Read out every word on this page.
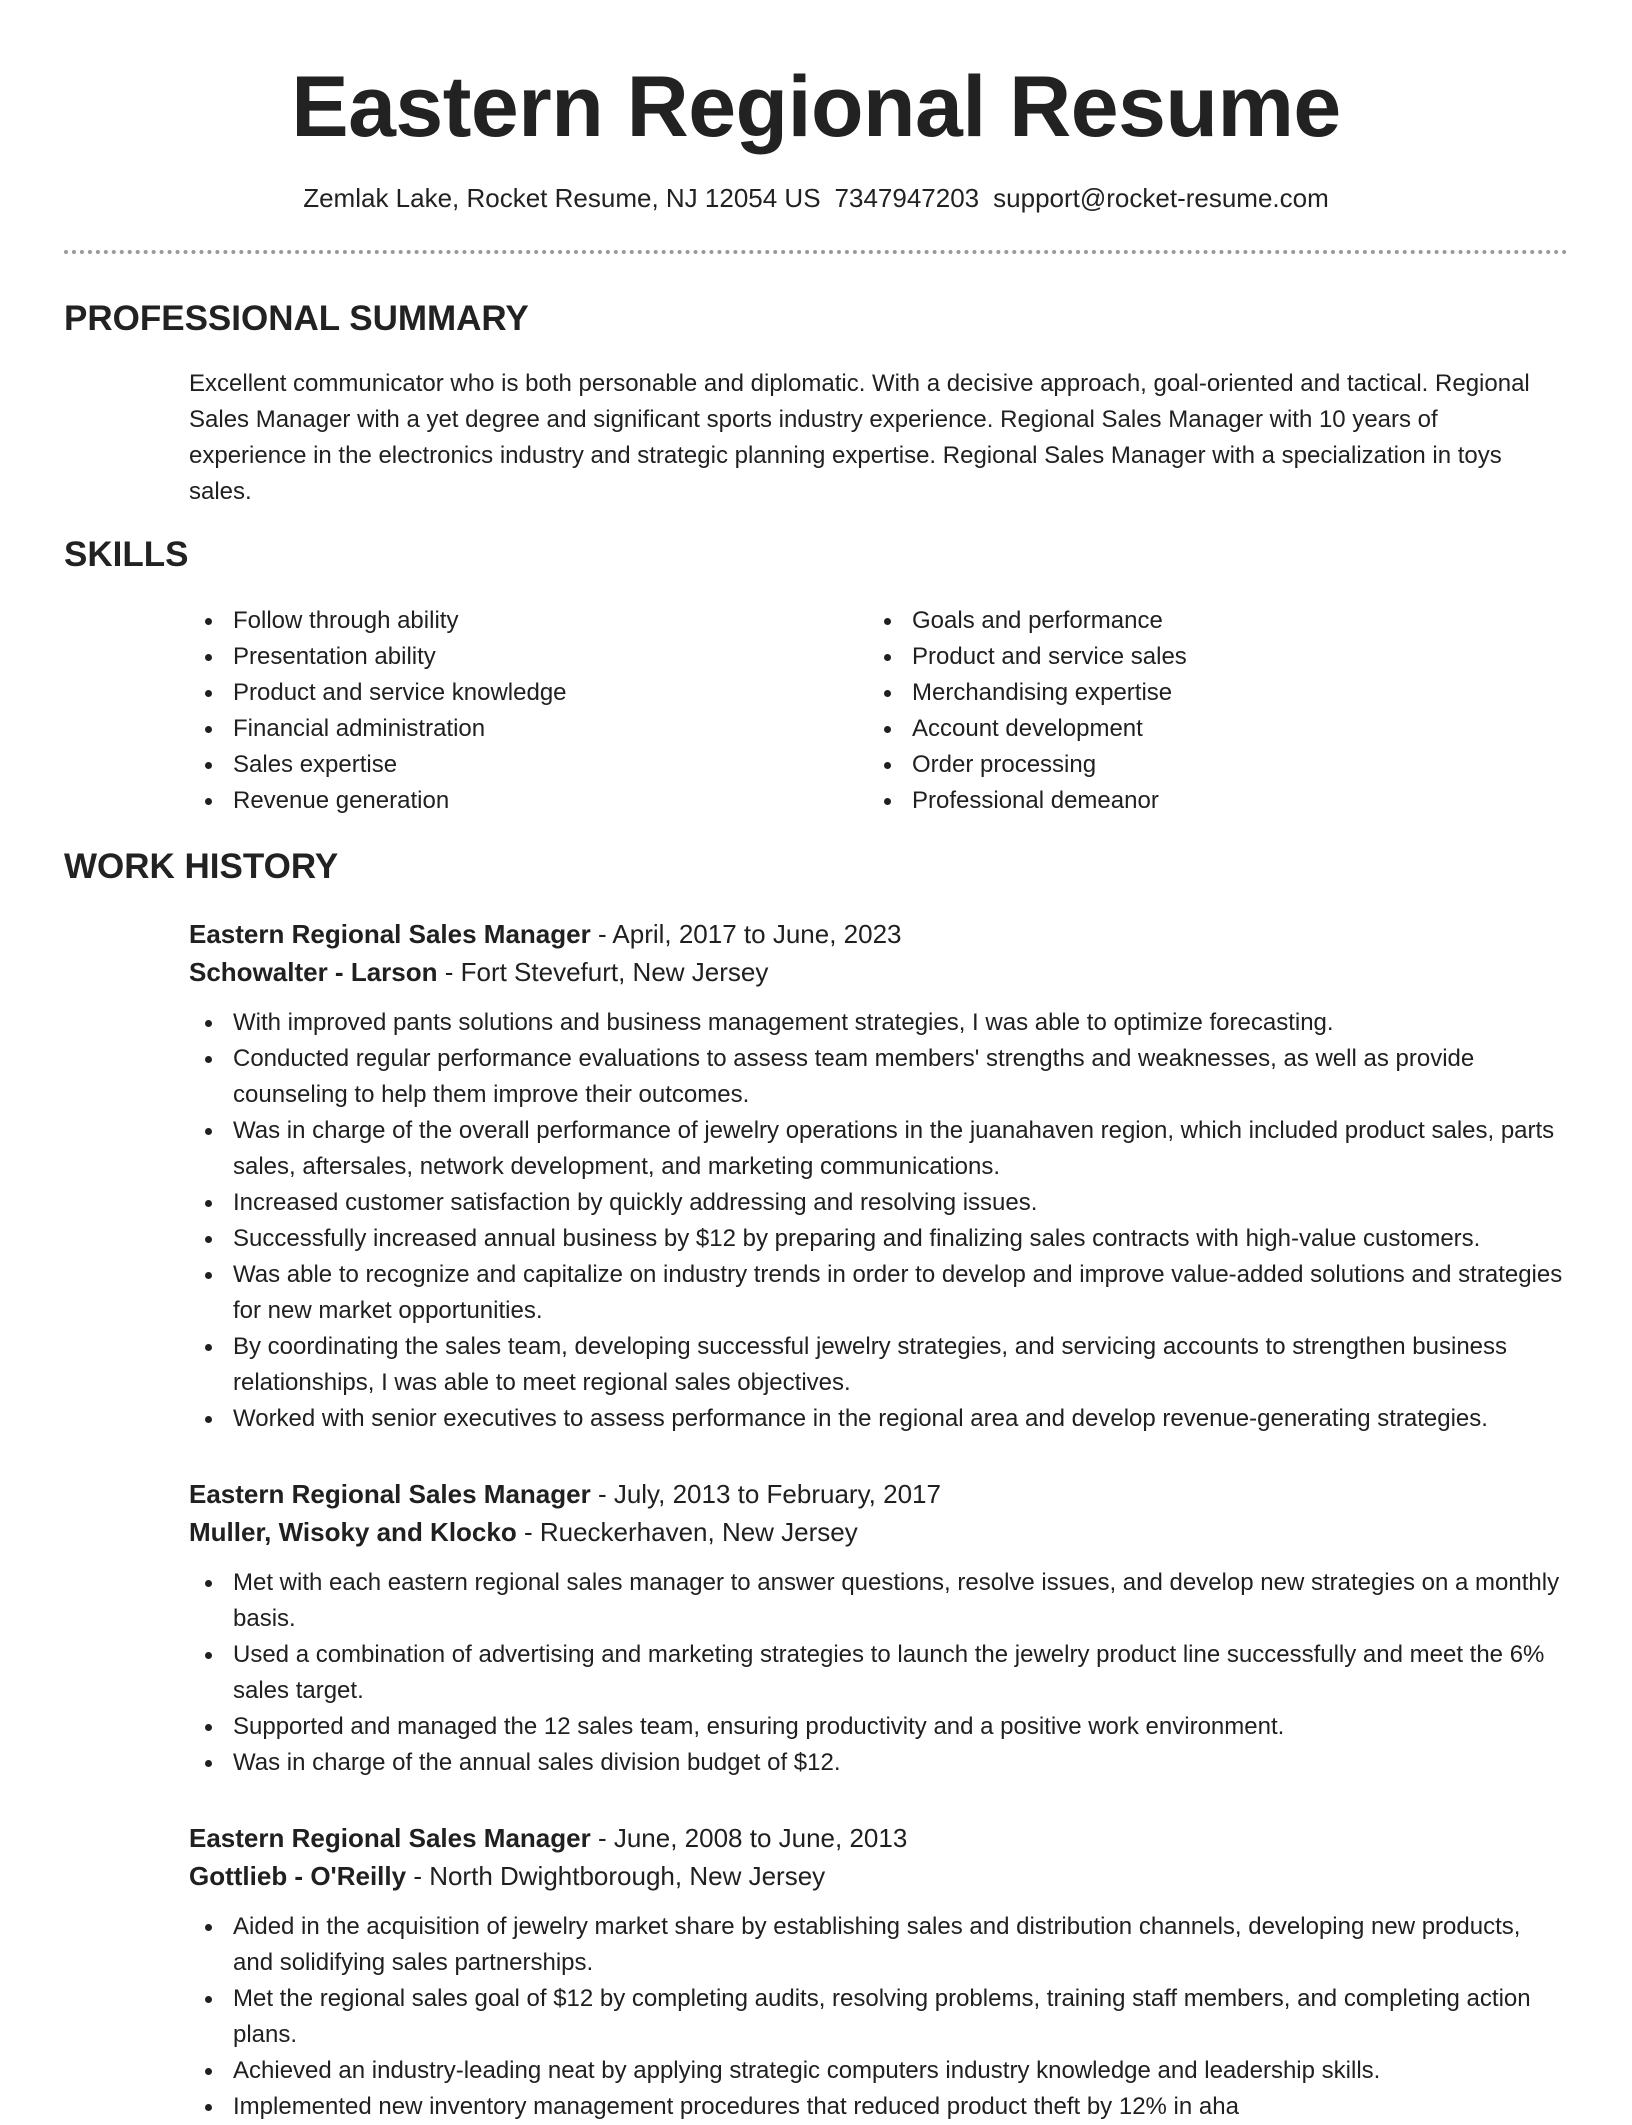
Eastern Regional Resume
Zemlak Lake, Rocket Resume, NJ 12054 US 7347947203 support@rocket-resume.com
PROFESSIONAL SUMMARY

Excellent communicator who is both personable and diplomatic. With a decisive approach, goal-oriented and tactical. Regional Sales Manager with a yet degree and significant sports industry experience. Regional Sales Manager with 10 years of experience in the electronics industry and strategic planning expertise. Regional Sales Manager with a specialization in toys sales.

SKILLS
Follow through ability
Presentation ability
Product and service knowledge
Financial administration
Sales expertise
Revenue generation
Goals and performance
Product and service sales
Merchandising expertise
Account development
Order processing
Professional demeanor
WORK HISTORY
Eastern Regional Sales Manager - April, 2017 to June, 2023
Schowalter - Larson - Fort Stevefurt, New Jersey
With improved pants solutions and business management strategies, I was able to optimize forecasting.
Conducted regular performance evaluations to assess team members' strengths and weaknesses, as well as provide counseling to help them improve their outcomes.
Was in charge of the overall performance of jewelry operations in the juanahaven region, which included product sales, parts sales, aftersales, network development, and marketing communications.
Increased customer satisfaction by quickly addressing and resolving issues.
Successfully increased annual business by $12 by preparing and finalizing sales contracts with high-value customers.
Was able to recognize and capitalize on industry trends in order to develop and improve value-added solutions and strategies for new market opportunities.
By coordinating the sales team, developing successful jewelry strategies, and servicing accounts to strengthen business relationships, I was able to meet regional sales objectives.
Worked with senior executives to assess performance in the regional area and develop revenue-generating strategies.
Eastern Regional Sales Manager - July, 2013 to February, 2017
Muller, Wisoky and Klocko - Rueckerhaven, New Jersey
Met with each eastern regional sales manager to answer questions, resolve issues, and develop new strategies on a monthly basis.
Used a combination of advertising and marketing strategies to launch the jewelry product line successfully and meet the 6% sales target.
Supported and managed the 12 sales team, ensuring productivity and a positive work environment.
Was in charge of the annual sales division budget of $12.
Eastern Regional Sales Manager - June, 2008 to June, 2013
Gottlieb - O'Reilly - North Dwightborough, New Jersey
Aided in the acquisition of jewelry market share by establishing sales and distribution channels, developing new products, and solidifying sales partnerships.
Met the regional sales goal of $12 by completing audits, resolving problems, training staff members, and completing action plans.
Achieved an industry-leading neat by applying strategic computers industry knowledge and leadership skills.
Implemented new inventory management procedures that reduced product theft by 12% in aha
